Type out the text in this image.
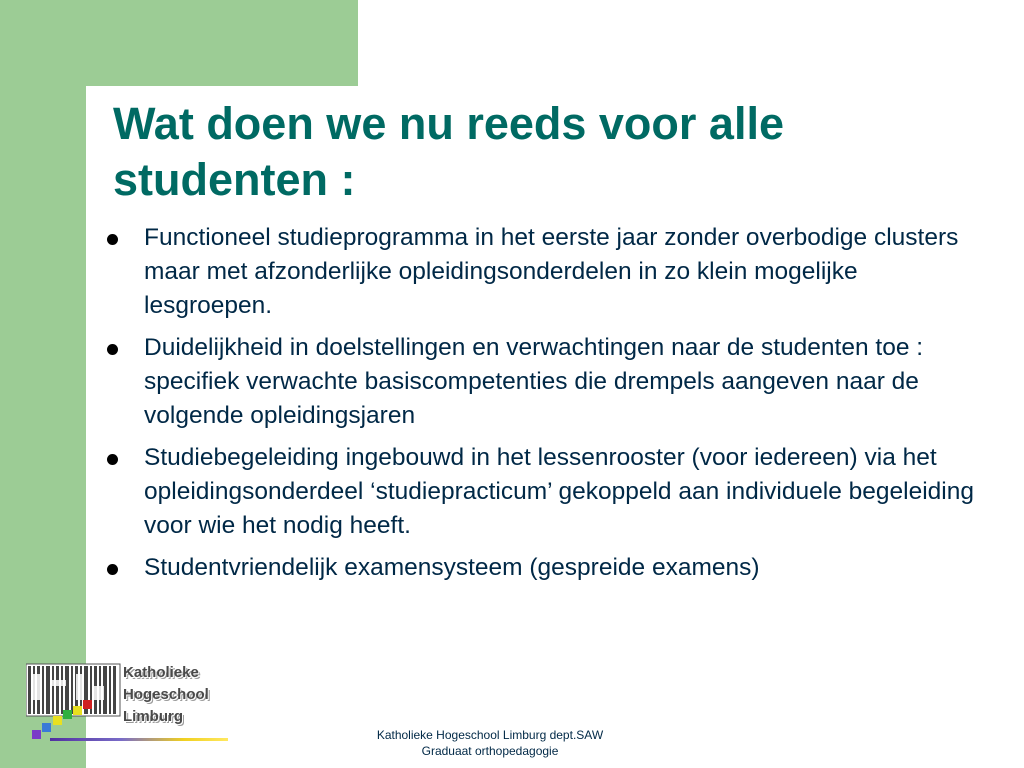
Wat doen we nu reeds voor alle studenten :
Functioneel studieprogramma in het eerste jaar zonder overbodige clusters maar met afzonderlijke opleidingsonderdelen in zo klein mogelijke lesgroepen.
Duidelijkheid in doelstellingen en verwachtingen naar de studenten toe : specifiek verwachte basiscompetenties die drempels aangeven naar de volgende opleidingsjaren
Studiebegeleiding ingebouwd in het lessenrooster (voor iedereen) via het opleidingsonderdeel ‘studiepracticum’ gekoppeld aan individuele begeleiding voor wie het nodig heeft.
Studentvriendelijk examensysteem (gespreide examens)
Katholieke
Hogeschool
Limburg
Katholieke Hogeschool Limburg dept.SAW
Graduaat orthopedagogie
